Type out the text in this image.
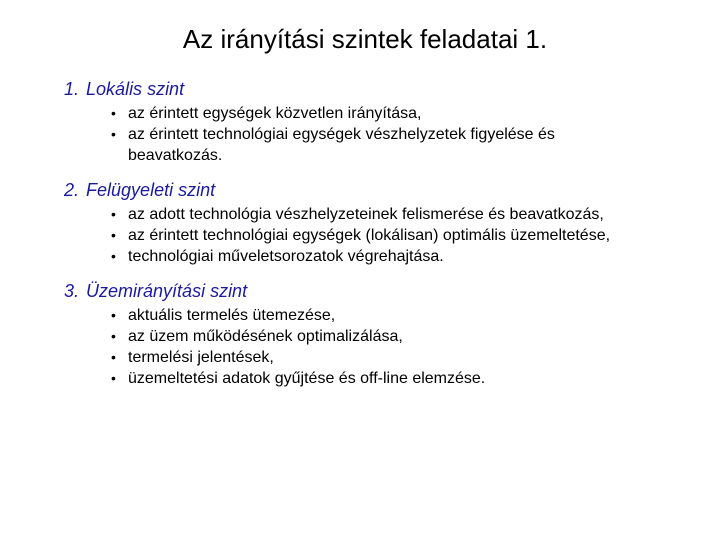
Az irányítási szintek feladatai 1.
1. Lokális szint
• az érintett egységek közvetlen irányítása,
• az érintett technológiai egységek vészhelyzetek figyelése és beavatkozás.
2. Felügyeleti szint
• az adott technológia vészhelyzeteinek felismerése és beavatkozás,
• az érintett technológiai egységek (lokálisan) optimális üzemeltetése,
• technológiai műveletsorozatok végrehajtása.
3. Üzemirányítási szint
• aktuális termelés ütemezése,
• az üzem működésének optimalizálása,
• termelési jelentések,
• üzemeltetési adatok gyűjtése és off-line elemzése.
